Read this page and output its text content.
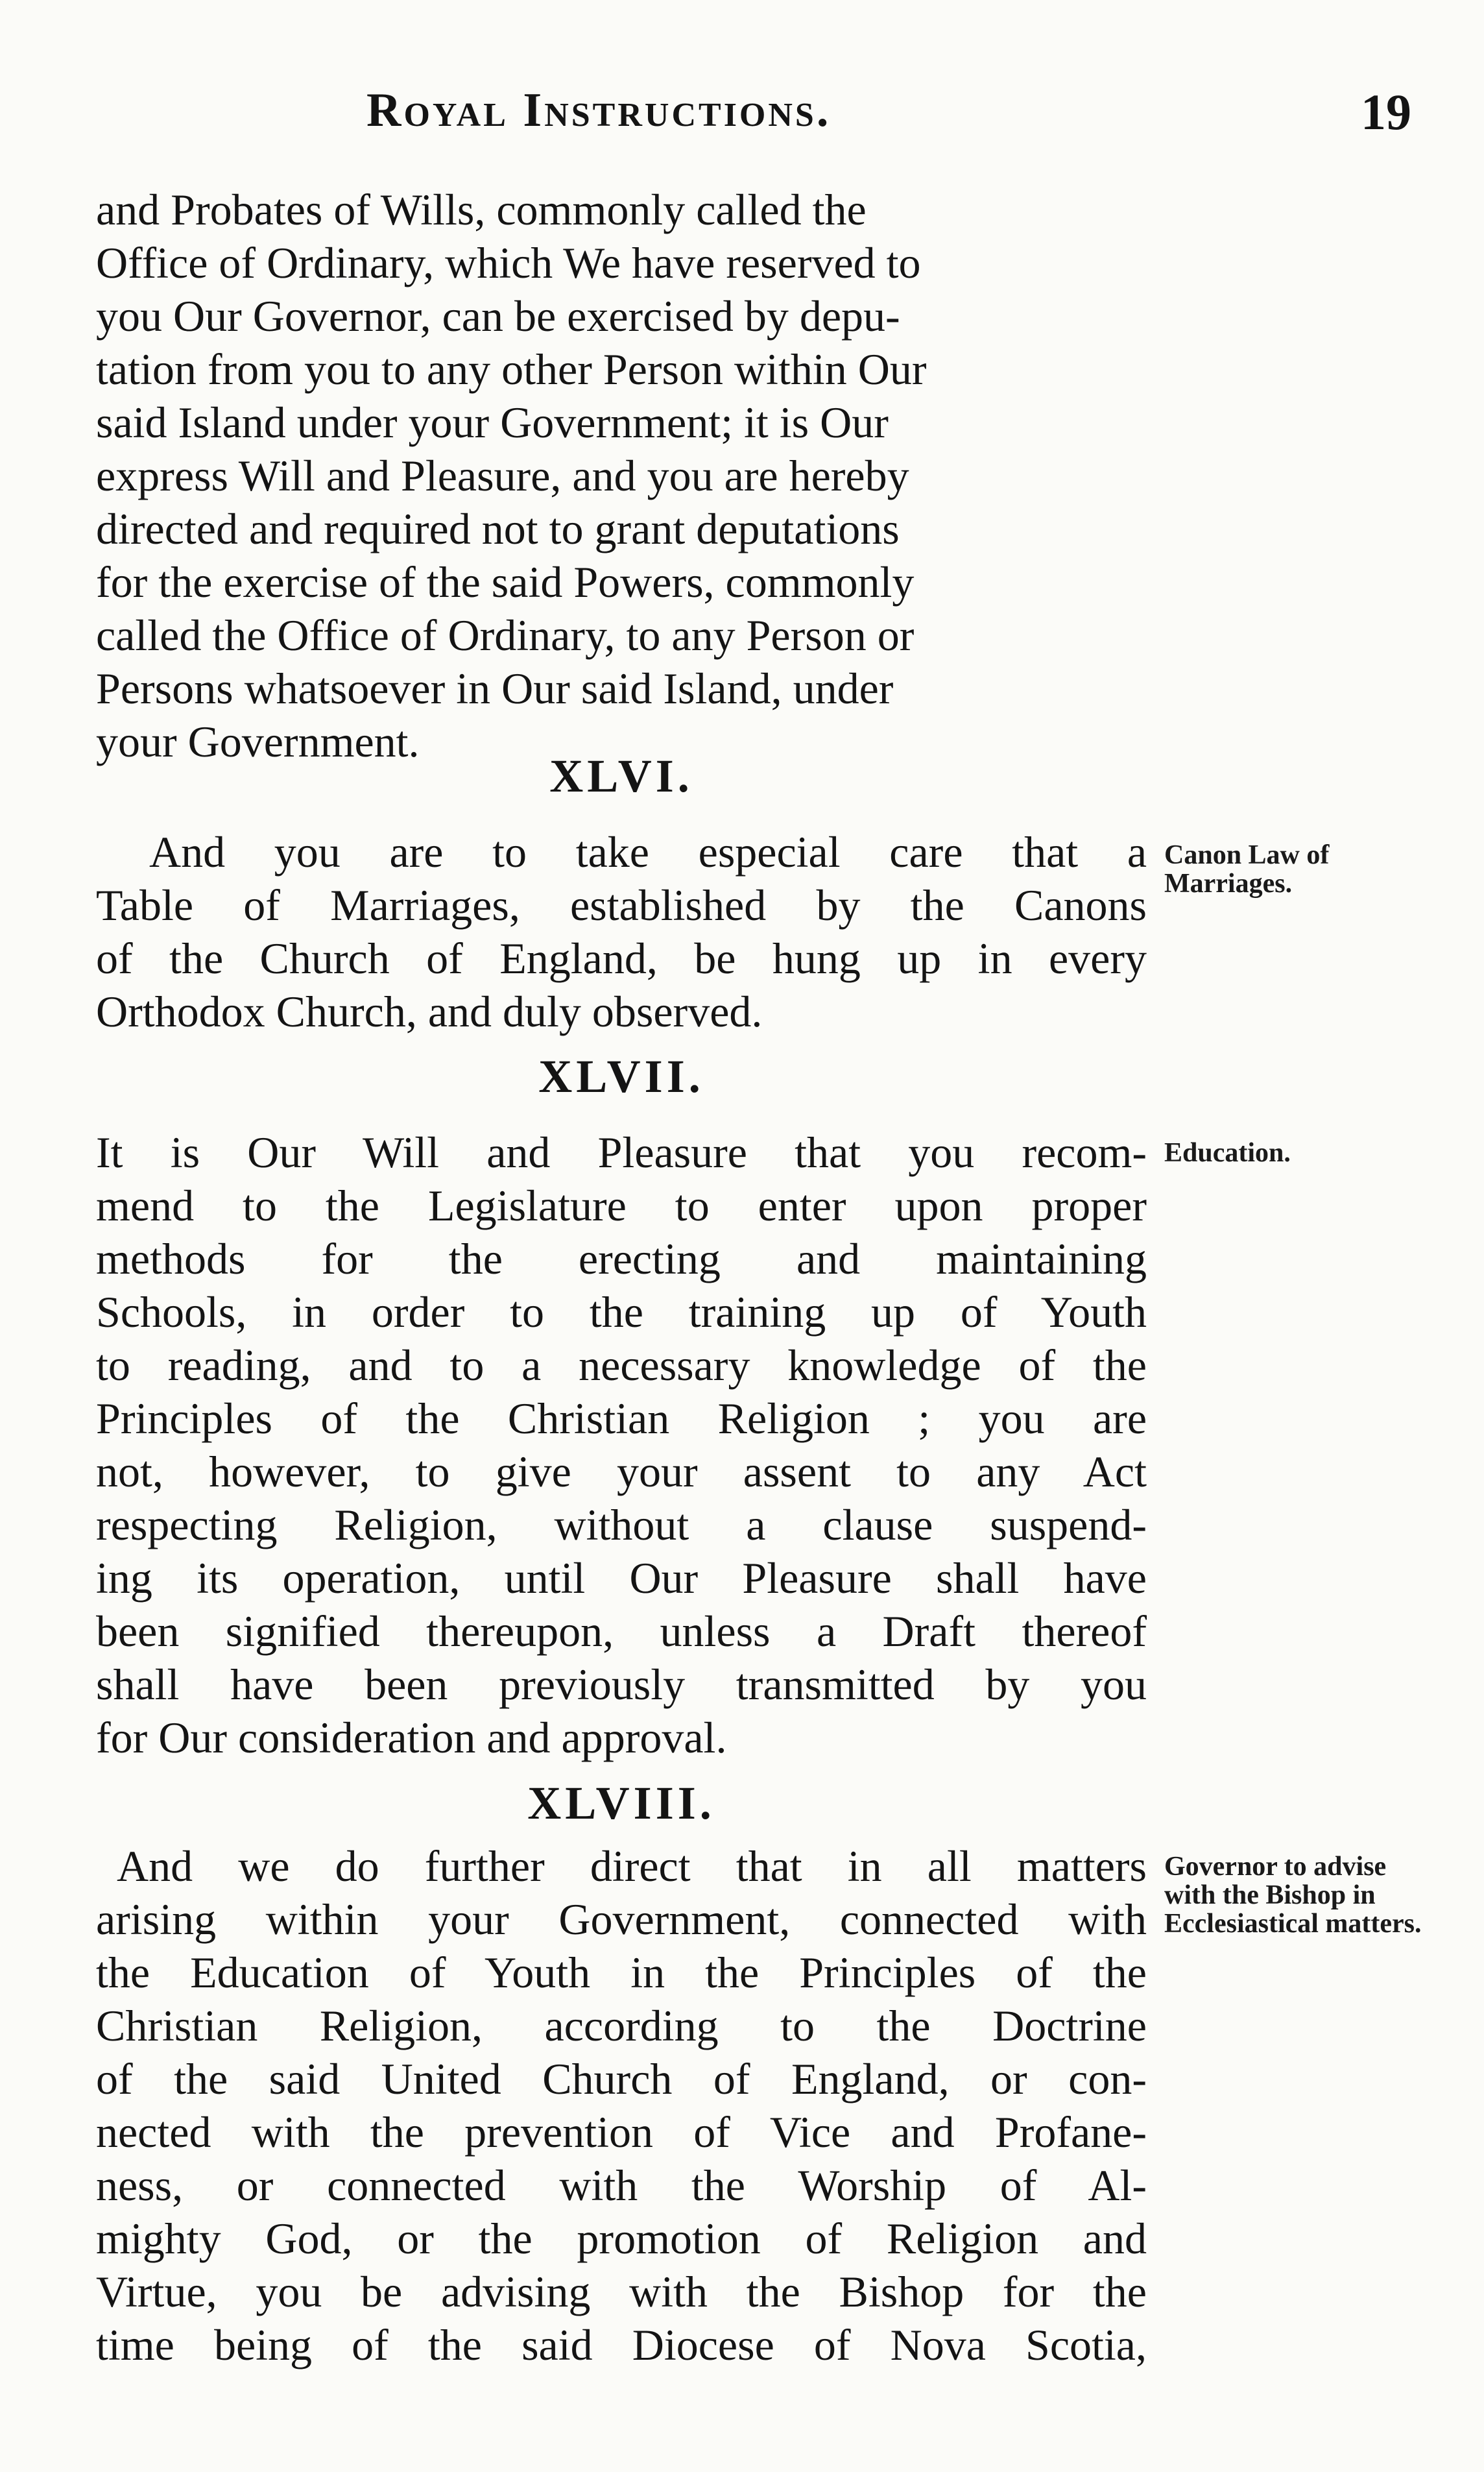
Royal Instructions.	19
and Probates of Wills, commonly called the
Office of Ordinary, which We have reserved to
you Our Governor, can be exercised by depu-
tation from you to any other Person within Our
said Island under your Government; it is Our
express Will and Pleasure, and you are hereby
directed and required not to grant deputations
for the exercise of the said Powers, commonly
called the Office of Ordinary, to any Person or
Persons whatsoever in Our said Island, under
your Government.
XLVI.
Canon Law of Marriages.
And you are to take especial care that a
Table of Marriages, established by the Canons
of the Church of England, be hung up in every
Orthodox Church, and duly observed.
XLVII.
Education.
It is Our Will and Pleasure that you recom-
mend to the Legislature to enter upon proper
methods for the erecting and maintaining
Schools, in order to the training up of Youth
to reading, and to a necessary knowledge of the
Principles of the Christian Religion ; you are
not, however, to give your assent to any Act
respecting Religion, without a clause suspend-
ing its operation, until Our Pleasure shall have
been signified thereupon, unless a Draft thereof
shall have been previously transmitted by you
for Our consideration and approval.
XLVIII.
Governor to advise with the Bishop in Ecclesiastical matters.
And we do further direct that in all matters
arising within your Government, connected with
the Education of Youth in the Principles of the
Christian Religion, according to the Doctrine
of the said United Church of England, or con-
nected with the prevention of Vice and Profane-
ness, or connected with the Worship of Al-
mighty God, or the promotion of Religion and
Virtue, you be advising with the Bishop for the
time being of the said Diocese of Nova Scotia,
